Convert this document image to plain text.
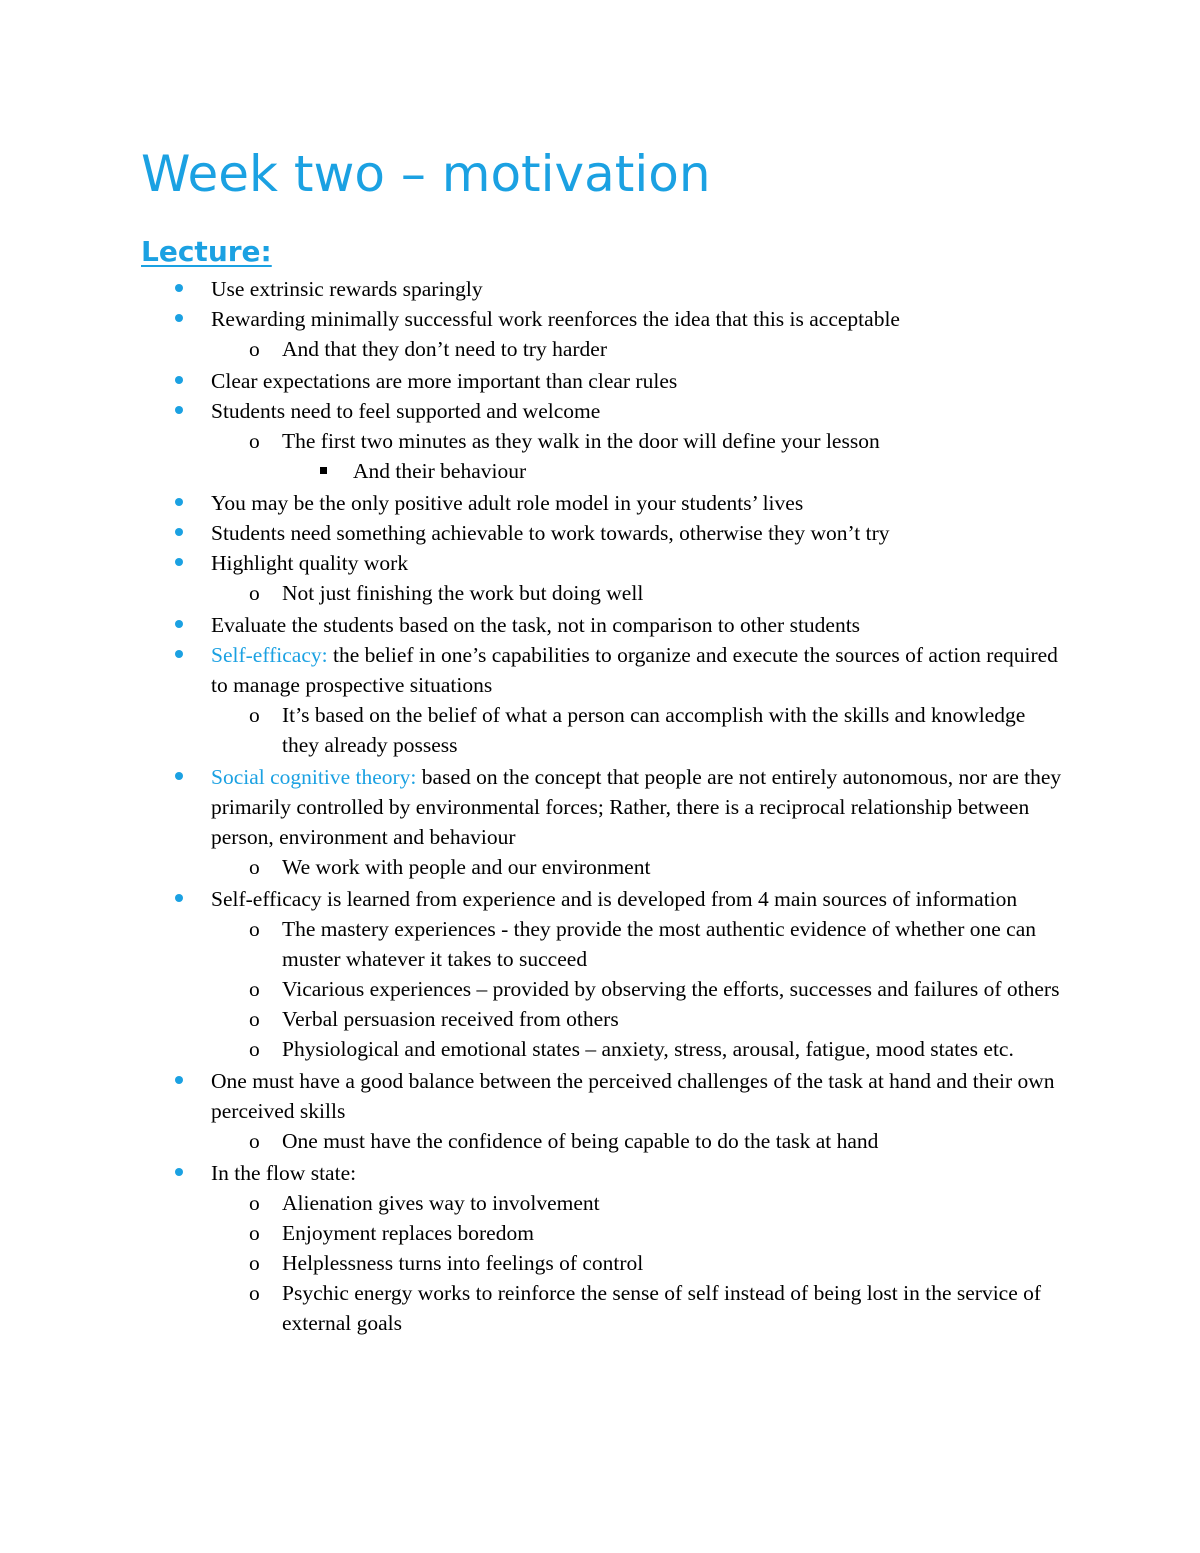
Week two – motivation
Lecture:
Use extrinsic rewards sparingly
Rewarding minimally successful work reenforces the idea that this is acceptable
o And that they don’t need to try harder
Clear expectations are more important than clear rules
Students need to feel supported and welcome
o The first two minutes as they walk in the door will define your lesson
And their behaviour
You may be the only positive adult role model in your students’ lives
Students need something achievable to work towards, otherwise they won’t try
Highlight quality work
o Not just finishing the work but doing well
Evaluate the students based on the task, not in comparison to other students
Self-efficacy: the belief in one’s capabilities to organize and execute the sources of action required to manage prospective situations
o It’s based on the belief of what a person can accomplish with the skills and knowledge they already possess
Social cognitive theory: based on the concept that people are not entirely autonomous, nor are they primarily controlled by environmental forces; Rather, there is a reciprocal relationship between person, environment and behaviour
o We work with people and our environment
Self-efficacy is learned from experience and is developed from 4 main sources of information
o The mastery experiences - they provide the most authentic evidence of whether one can muster whatever it takes to succeed
o Vicarious experiences – provided by observing the efforts, successes and failures of others
o Verbal persuasion received from others
o Physiological and emotional states – anxiety, stress, arousal, fatigue, mood states etc.
One must have a good balance between the perceived challenges of the task at hand and their own perceived skills
o One must have the confidence of being capable to do the task at hand
In the flow state:
o Alienation gives way to involvement
o Enjoyment replaces boredom
o Helplessness turns into feelings of control
o Psychic energy works to reinforce the sense of self instead of being lost in the service of external goals
